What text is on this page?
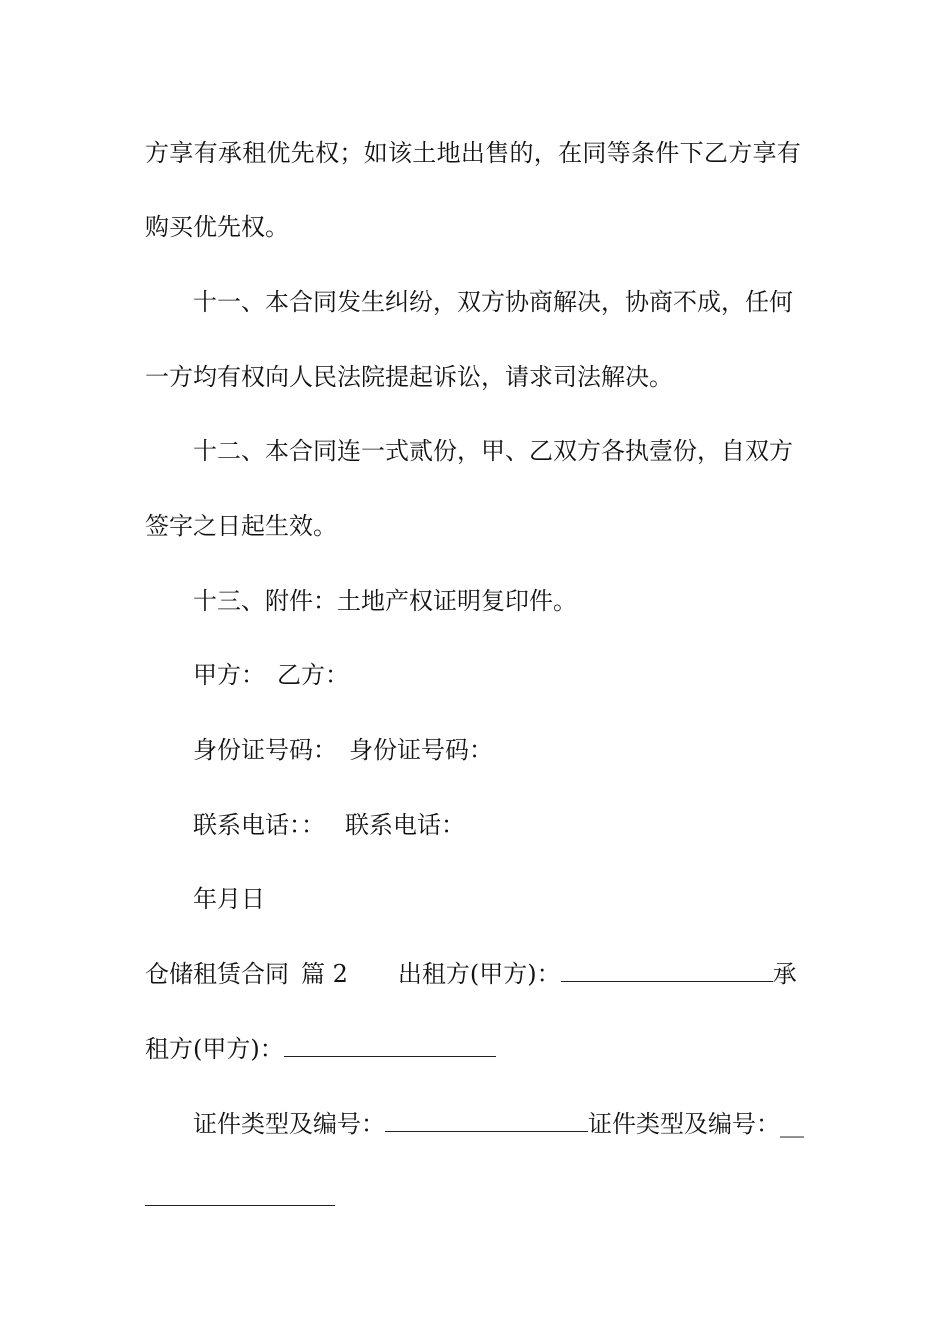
方享有承租优先权；如该土地出售的，在同等条件下乙方享有
购买优先权。
十一、本合同发生纠纷，双方协商解决，协商不成，任何
一方均有权向人民法院提起诉讼，请求司法解决。
十二、本合同连一式贰份，甲、乙双方各执壹份，自双方
签字之日起生效。
十三、附件：土地产权证明复印件。
甲方： 乙方：
身份证号码： 身份证号码：
联系电话：： 联系电话：
年月日
仓储租赁合同 篇 2 出租方(甲方)：	承
租方(甲方)：
证件类型及编号：	证件类型及编号：__
